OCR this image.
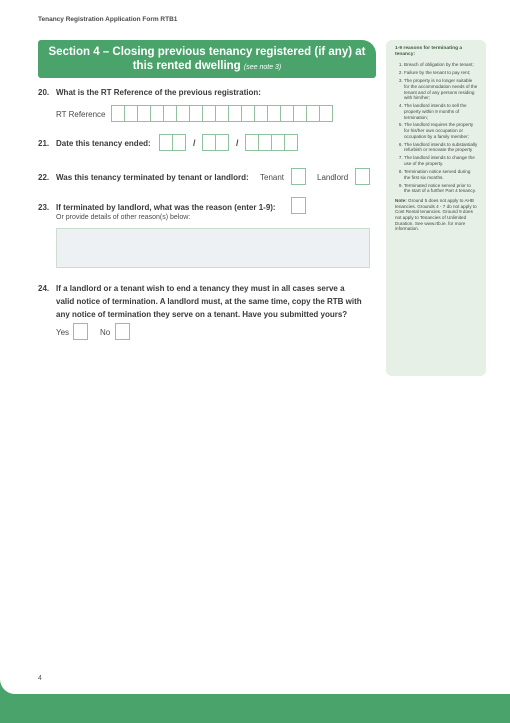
Tenancy Registration Application Form RTB1
Section 4 – Closing previous tenancy registered (if any) at
this rented dwelling (see note 3)
20. What is the RT Reference of the previous registration:
RT Reference
21. Date this tenancy ended:	/	/
22. Was this tenancy terminated by tenant or landlord: Tenant	Landlord
23. If terminated by landlord, what was the reason (enter 1-9):
Or provide details of other reason(s) below:
24. If a landlord or a tenant wish to end a tenancy they must in all cases serve a
valid notice of termination. A landlord must, at the same time, copy the RTB with
any notice of termination they serve on a tenant. Have you submitted yours?
Yes	No
1-9 reasons for terminating a tenancy:
1. Breach of obligation by the tenant;
2. Failure by the tenant to pay rent;
3. The property is no longer suitable for the accommodation needs of the tenant and of any persons residing with him/her;
4. The landlord intends to sell the property within 9 months of termination;
5. The landlord requires the property for his/her own occupation or occupation by a family member;
6. The landlord intends to substantially refurbish or renovate the property
7. The landlord intends to change the use of the property.
8. Termination notice served during the first six months.
9. Terminated notice served prior to the start of a further Part 4 tenancy.
Note: Ground 5 does not apply to AHB tenancies. Grounds 4 - 7 do not apply to Cost Rental tenancies. Ground 9 does not apply to Tenancies of Unlimited Duration. See www.rtb.ie. for more information.
4
